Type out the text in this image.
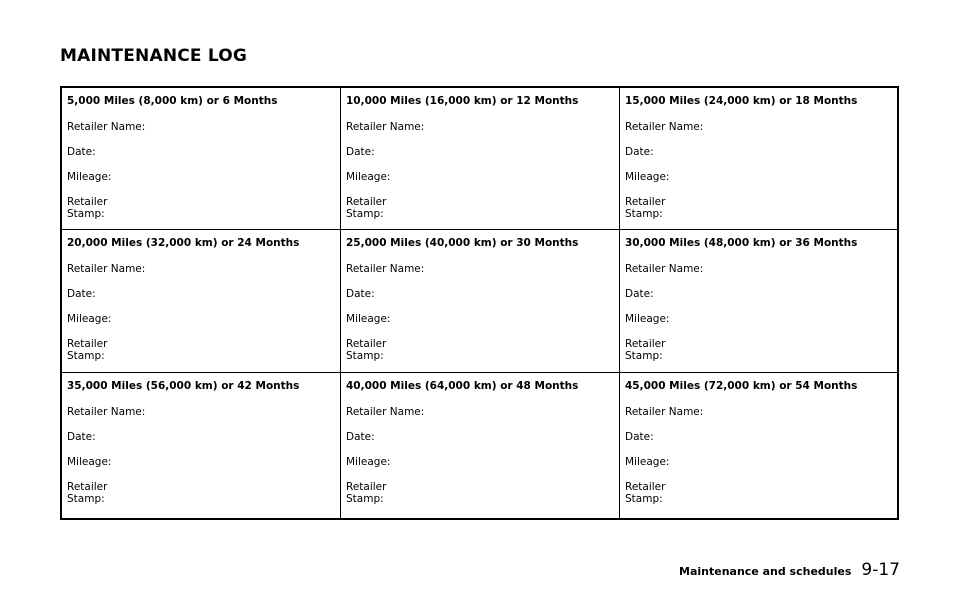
MAINTENANCE LOG

5,000 Miles (8,000 km) or 6 Months

Retailer Name:

Date:

Mileage:

Retailer
Stamp:

10,000 Miles (16,000 km) or 12 Months

Retailer Name:

Date:

Mileage:

Retailer
Stamp:

15,000 Miles (24,000 km) or 18 Months

Retailer Name:

Date:

Mileage:

Retailer
Stamp:

20,000 Miles (32,000 km) or 24 Months

Retailer Name:

Date:

Mileage:

Retailer
Stamp:

25,000 Miles (40,000 km) or 30 Months

Retailer Name:

Date:

Mileage:

Retailer
Stamp:

30,000 Miles (48,000 km) or 36 Months

Retailer Name:

Date:

Mileage:

Retailer
Stamp:

35,000 Miles (56,000 km) or 42 Months

Retailer Name:

Date:

Mileage:

Retailer
Stamp:

40,000 Miles (64,000 km) or 48 Months

Retailer Name:

Date:

Mileage:

Retailer
Stamp:

45,000 Miles (72,000 km) or 54 Months

Retailer Name:

Date:

Mileage:

Retailer
Stamp:

Maintenance and schedules 9-17
